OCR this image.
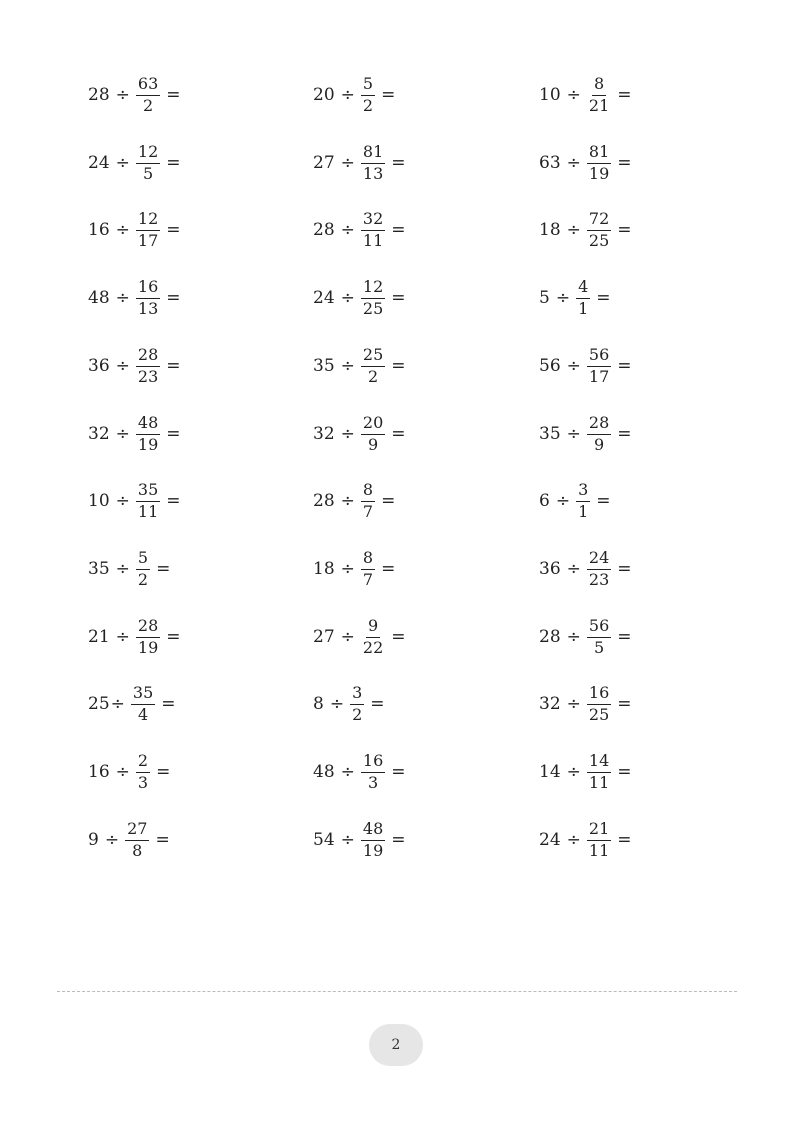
$28 \div \frac{63}{2}$ =	$20 \div \frac{5}{2}$ =	$10 \div \frac{8}{21}$ =
$24 \div \frac{12}{5}$ =	$27 \div \frac{81}{13}$ =	$63 \div \frac{81}{19}$ =
$16 \div \frac{12}{17}$ =	$28 \div \frac{32}{11}$ =	$18 \div \frac{72}{25}$ =
$48 \div \frac{16}{13}$ =	$24 \div \frac{12}{25}$ =	$5 \div \frac{4}{1}$ =
$36 \div \frac{28}{23}$ =	$35 \div \frac{25}{2}$ =	$56 \div \frac{56}{17}$ =
$32 \div \frac{48}{19}$ =	$32 \div \frac{20}{9}$ =	$35 \div \frac{28}{9}$ =
$10 \div \frac{35}{11}$ =	$28 \div \frac{8}{7}$ =	$6 \div \frac{3}{1}$ =
$35 \div \frac{5}{2}$ =	$18 \div \frac{8}{7}$ =	$36 \div \frac{24}{23}$ =
$21 \div \frac{28}{19}$ =	$27 \div \frac{9}{22}$ =	$28 \div \frac{56}{5}$ =
$25 \div \frac{35}{4}$ =	$8 \div \frac{3}{2}$ =	$32 \div \frac{16}{25}$ =
$16 \div \frac{2}{3}$ =	$48 \div \frac{16}{3}$ =	$14 \div \frac{14}{11}$ =
$9 \div \frac{27}{8}$ =	$54 \div \frac{48}{19}$ =	$24 \div \frac{21}{11}$ =
2
